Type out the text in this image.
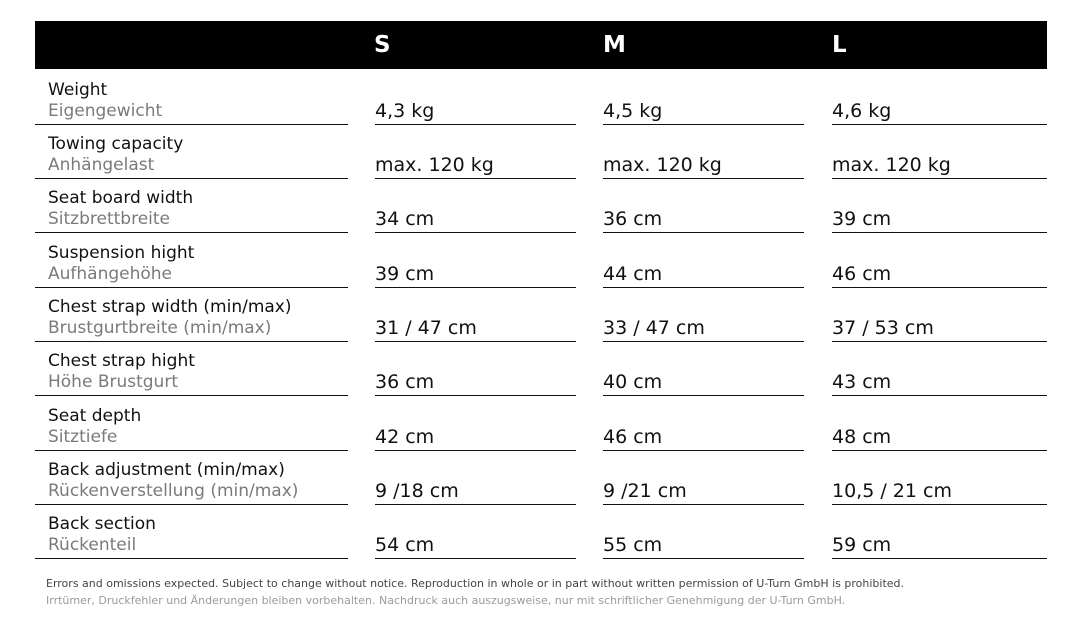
S	M	L
Weight
Eigengewicht	4,3 kg	4,5 kg	4,6 kg
Towing capacity
Anhängelast	max. 120 kg	max. 120 kg	max. 120 kg
Seat board width
Sitzbrettbreite	34 cm	36 cm	39 cm
Suspension hight
Aufhängehöhe	39 cm	44 cm	46 cm
Chest strap width (min/max)
Brustgurtbreite (min/max)	31 / 47 cm	33 / 47 cm	37 / 53 cm
Chest strap hight
Höhe Brustgurt	36 cm	40 cm	43 cm
Seat depth
Sitztiefe	42 cm	46 cm	48 cm
Back adjustment (min/max)
Rückenverstellung (min/max)	9 /18 cm	9 /21 cm	10,5 / 21 cm
Back section
Rückenteil	54 cm	55 cm	59 cm
Errors and omissions expected. Subject to change without notice. Reproduction in whole or in part without written permission of U-Turn GmbH is prohibited.
Irrtümer, Druckfehler und Änderungen bleiben vorbehalten. Nachdruck auch auszugsweise, nur mit schriftlicher Genehmigung der U-Turn GmbH.
